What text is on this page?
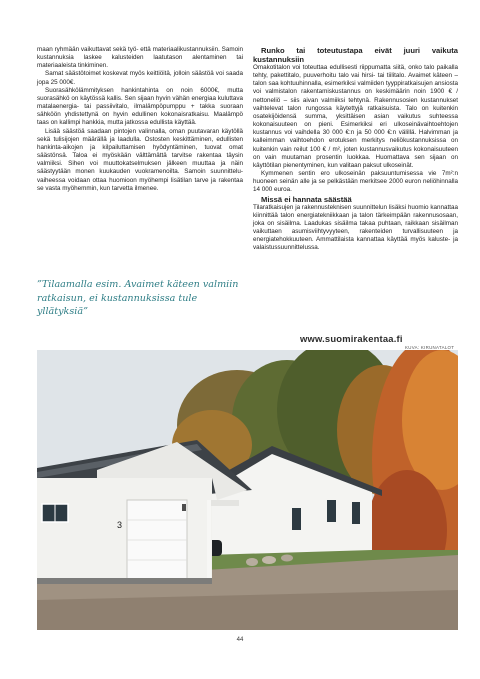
maan ryhmään vaikuttavat sekä työ- että materiaalikustannuksiin. Samoin kustannuksia laskee kalusteiden laatutason alentaminen tai materiaaleista tinkiminen.

Samat säästötoimet koskevat myös keittiöitä, jolloin säästöä voi saada jopa 25 000€.

Suorasähkölämmityksen hankintahinta on noin 6000€, mutta suorasähkö on käytössä kallis. Sen sijaan hyvin vähän energiaa kuluttava matalaenergia- tai passiivitalo, ilmalämpöpumppu + takka suoraan sähköön yhdistettynä on hyvin edullinen kokonaisratkaisu. Maalämpö taas on kallimpi hankkia, mutta jatkossa edullista käyttää.

Lisää säästöä saadaan pintojen valinnalla, oman puutavaran käytöllä sekä tulisijojen määrällä ja laadulla. Ostosten keskittäminen, edullisten hankinta-aikojen ja kilpailuttamisen hyödyntäminen, tuovat omat säästönsä. Taloa ei myöskään välttämättä tarvitse rakentaa täysin valmiiksi. Sihen voi muuttokatselmuksen jälkeen muuttaa ja näin säästyytään monen kuukauden vuokramenoilta. Samoin suunnitteluvaiheessa voidaan ottaa huomioon myöhempi lisätilan tarve ja rakentaa se vasta myöhemmin, kun tarvetta ilmenee.

”Tilaamalla esim. Avaimet käteen valmiin ratkaisun, ei kustannuksissa tule yllätyksiä”

Runko tai toteutustapa eivät juuri vaikuta kustannuksiin

Omakotitalon voi toteuttaa edullisesti riippumatta siitä, onko talo paikalla tehty, pakettitalo, puuverhoitu talo vai hirsi- tai tiilitalo. Avaimet käteen –talon saa kohtuuhinnalla, esimerkiksi valmiiden tyyppiratkaisujen ansiosta voi valmistalon rakentamiskustannus on keskimäärin noin 1900 € / nettoneliö – siis aivan valmiiksi tehtynä. Rakennusosien kustannukset vaihtelevat talon rungossa käytettyjä ratkaisuista. Talo on kuitenkin osatekijöidensä summa, yksittäisen asian vaikutus suhteessa kokonaisuuteen on pieni. Esimerkiksi eri ulkoseinävaihtoehtojen kustannus voi vaihdella 30 000 €:n ja 50 000 €:n välillä. Halvimman ja kalleimman vaihtoehdon erotuksen merkitys neliökustannuksissa on kuitenkin vain reilut 100 € / m², joten kustannusvaikutus kokonaisuuteen on vain muutaman prosentin luokkaa. Huomattava sen sijaan on käyttötilan pienentyminen, kun valitaan paksut ulkoseinät.

Kymmenen sentin ero ulkoseinän paksuuntumisessa vie 7m²:n huoneen seinän alle ja se pelkästään merkitsee 2000 euron neliöhinnalla 14 000 euroa.

Missä ei hannata säästää

Tilaratkaisujen ja rakennusteknisen suunnittelun lisäksi huomio kannattaa kiinnittää talon energiatekniikkaan ja talon tärkeimpään rakennusosaan, joka on sisäilma. Laadukas sisäilma takaa puhtaan, raikkaan sisäilman vaikuttaen asumisviihtyvyyteen, rakenteiden turvallisuuteen ja energiatehokkuuteen. Ammattilaista kannattaa käyttää myös kaluste- ja valaistussuunnittelussa.

www.suomirakentaa.fi
KUVA: KIRUNATALOT
3
44
